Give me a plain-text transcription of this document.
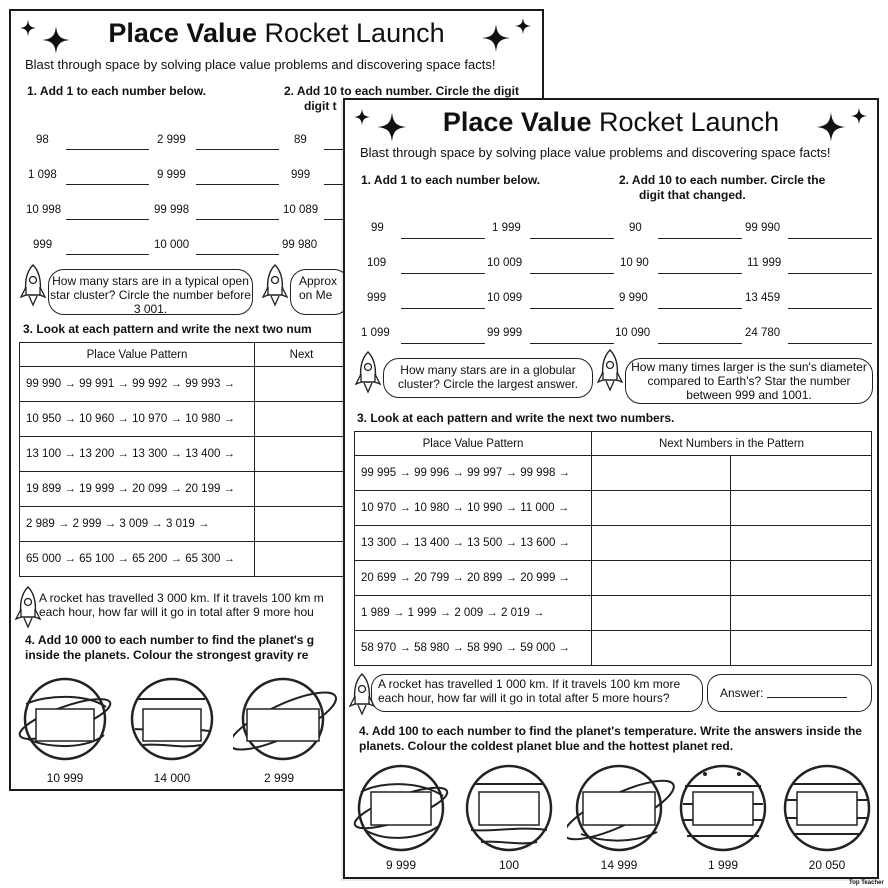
Place Value Rocket Launch
Blast through space by solving place value problems and discovering space facts!
1. Add 1 to each number below.	2. Add 10 to each number. Circle the digit
digit t
98	2 999	89
1 098	9 999	999
10 998	99 998	10 089
999	10 000	99 980
How many stars are in a typical open star cluster? Circle the number before 3 001.
Approx on Me
3. Look at each pattern and write the next two num
Place Value Pattern	Next
99 990 → 99 991 → 99 992 → 99 993 →	
10 950 → 10 960 → 10 970 → 10 980 →	
13 100 → 13 200 → 13 300 → 13 400 →	
19 899 → 19 999 → 20 099 → 20 199 →	
2 989 → 2 999 → 3 009 → 3 019 →	
65 000 → 65 100 → 65 200 → 65 300 →	
A rocket has travelled 3 000 km. If it travels 100 km m each hour, how far will it go in total after 9 more hou
4. Add 10 000 to each number to find the planet's g inside the planets. Colour the strongest gravity re
10 999	14 000	2 999
Place Value Rocket Launch
Blast through space by solving place value problems and discovering space facts!
1. Add 1 to each number below.	2. Add 10 to each number. Circle the
digit that changed.
99	1 999	90	99 990
109	10 009	10 90	11 999
999	10 099	9 990	13 459
1 099	99 999	10 090	24 780
How many stars are in a globular cluster? Circle the largest answer.
How many times larger is the sun's diameter compared to Earth's? Star the number between 999 and 1001.
3. Look at each pattern and write the next two numbers.
Place Value Pattern	Next Numbers in the Pattern	
99 995 → 99 996 → 99 997 → 99 998 →		
10 970 → 10 980 → 10 990 → 11 000 →		
13 300 → 13 400 → 13 500 → 13 600 →		
20 699 → 20 799 → 20 899 → 20 999 →		
1 989 → 1 999 → 2 009 → 2 019 →		
58 970 → 58 980 → 58 990 → 59 000 →		
A rocket has travelled 1 000 km. If it travels 100 km more each hour, how far will it go in total after 5 more hours?	Answer:
4. Add 100 to each number to find the planet's temperature. Write the answers inside the planets. Colour the coldest planet blue and the hottest planet red.
9 999	100	14 999	1 999	20 050
Top Teacher
